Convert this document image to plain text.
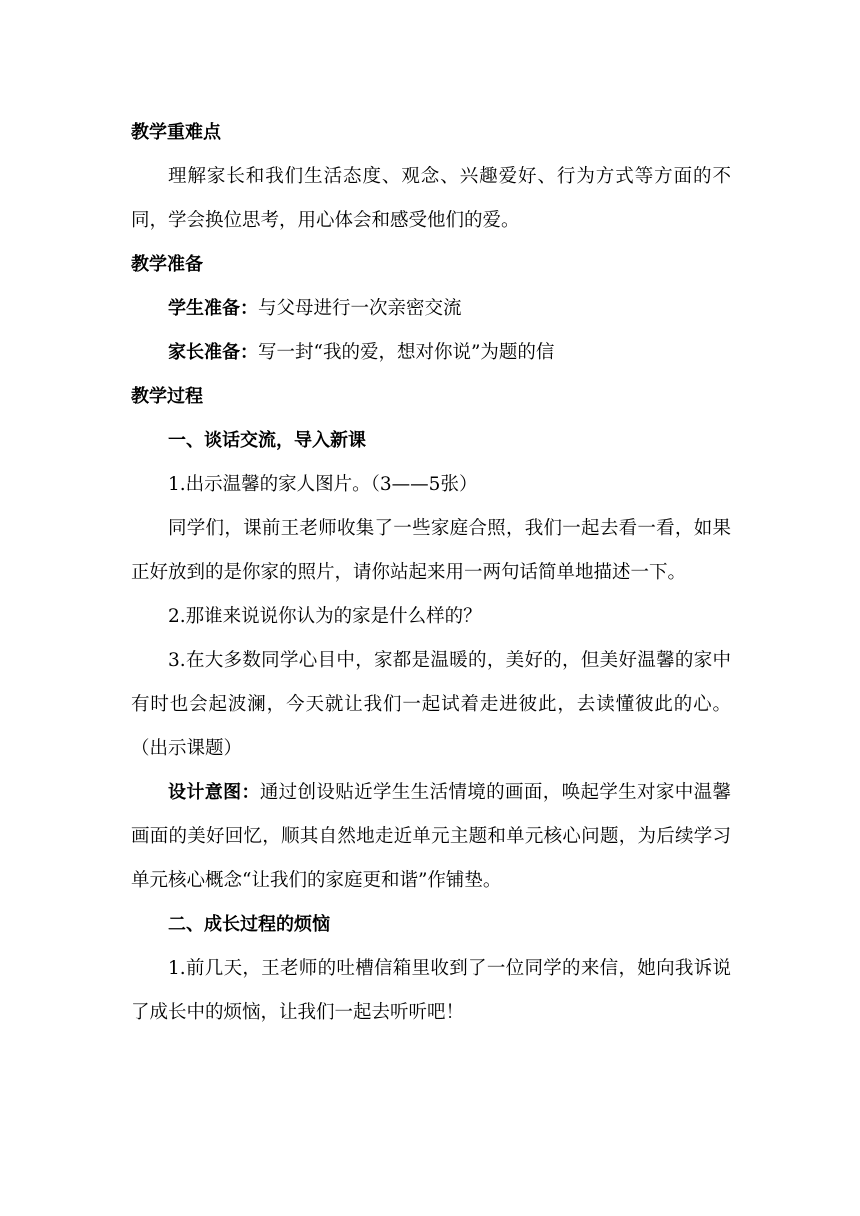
教学重难点

理解家长和我们生活态度、观念、兴趣爱好、行为方式等方面的不同，学会换位思考，用心体会和感受他们的爱。

教学准备

学生准备：与父母进行一次亲密交流

家长准备：写一封“我的爱，想对你说”为题的信

教学过程

一、谈话交流，导入新课

1.出示温馨的家人图片。（3——5张）

同学们，课前王老师收集了一些家庭合照，我们一起去看一看，如果正好放到的是你家的照片，请你站起来用一两句话简单地描述一下。

2.那谁来说说你认为的家是什么样的？

3.在大多数同学心目中，家都是温暖的，美好的，但美好温馨的家中有时也会起波澜，今天就让我们一起试着走进彼此，去读懂彼此的心。（出示课题）

设计意图：通过创设贴近学生生活情境的画面，唤起学生对家中温馨画面的美好回忆，顺其自然地走近单元主题和单元核心问题，为后续学习单元核心概念“让我们的家庭更和谐”作铺垫。

二、成长过程的烦恼

1.前几天，王老师的吐槽信箱里收到了一位同学的来信，她向我诉说了成长中的烦恼，让我们一起去听听吧！
